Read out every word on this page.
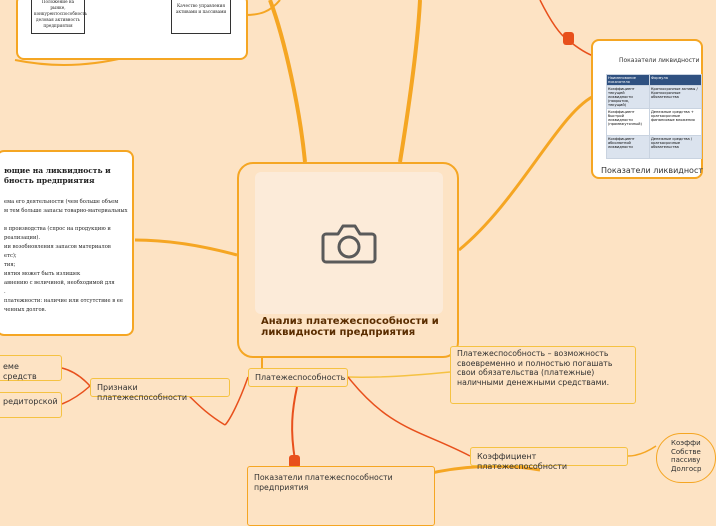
Положение на рынке, конкурентоспособность деловая активность предприятия
Качество управления активами и пассивами
ющие на ликвидность и бность предприятия
ема его деятельности (чем больше объем
м тем больше запасы товарно-материальных
в производства (спрос на продукцию и
реализации).
ии возобновления запасов материалов
етс);
тия;
иятия может быть излишек
авнению с величиной, необходимой для
.
платежности: наличие или отсутствие в ее
ченных долгов.
Показатели ликвидности
Наименование показателя	Формула
Коэффициент текущей ликвидности (покрытия, текущий)	Краткосрочные активы / Краткосрочные обязательства
Коэффициент быстрой ликвидности (промежуточный)	Денежные средства + краткосрочные финансовые вложения
Коэффициент абсолютной ликвидности	Денежные средства / краткосрочные обязательства
Показатели ликвидност
Анализ платежеспособности и ликвидности предприятия
Платежеспособность
Платежеспособность – возможность своевременно и полностью погашать свои обязательства (платежные) наличными денежными средствами.
Коэффициент платежеспособности
Коэффи
Собстве
пассиву
Долгоср
Признаки платежеспособности
еме средств
редиторской
Показатели платежеспособности предприятия
